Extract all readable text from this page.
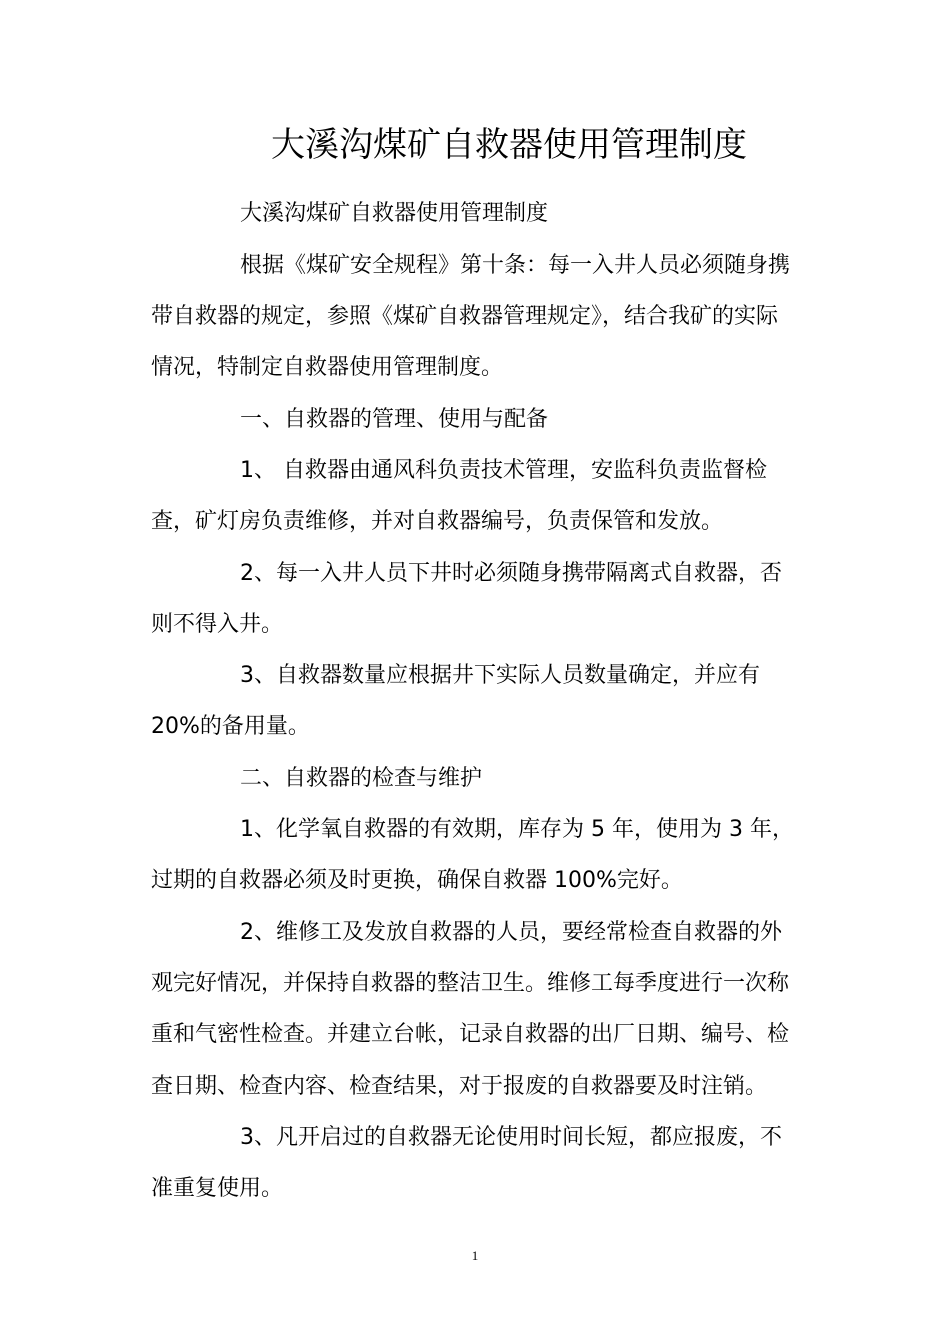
大溪沟煤矿自救器使用管理制度
大溪沟煤矿自救器使用管理制度
根据《煤矿安全规程》第十条：每一入井人员必须随身携
带自救器的规定，参照《煤矿自救器管理规定》，结合我矿的实际
情况，特制定自救器使用管理制度。
一、自救器的管理、使用与配备
1、 自救器由通风科负责技术管理，安监科负责监督检
查，矿灯房负责维修，并对自救器编号，负责保管和发放。
2、每一入井人员下井时必须随身携带隔离式自救器，否
则不得入井。
3、自救器数量应根据井下实际人员数量确定，并应有
20%的备用量。
二、自救器的检查与维护
1、化学氧自救器的有效期，库存为 5 年，使用为 3 年，
过期的自救器必须及时更换，确保自救器 100%完好。
2、维修工及发放自救器的人员，要经常检查自救器的外
观完好情况，并保持自救器的整洁卫生。维修工每季度进行一次称
重和气密性检查。并建立台帐，记录自救器的出厂日期、编号、检
查日期、检查内容、检查结果，对于报废的自救器要及时注销。
3、凡开启过的自救器无论使用时间长短，都应报废，不
准重复使用。
1
